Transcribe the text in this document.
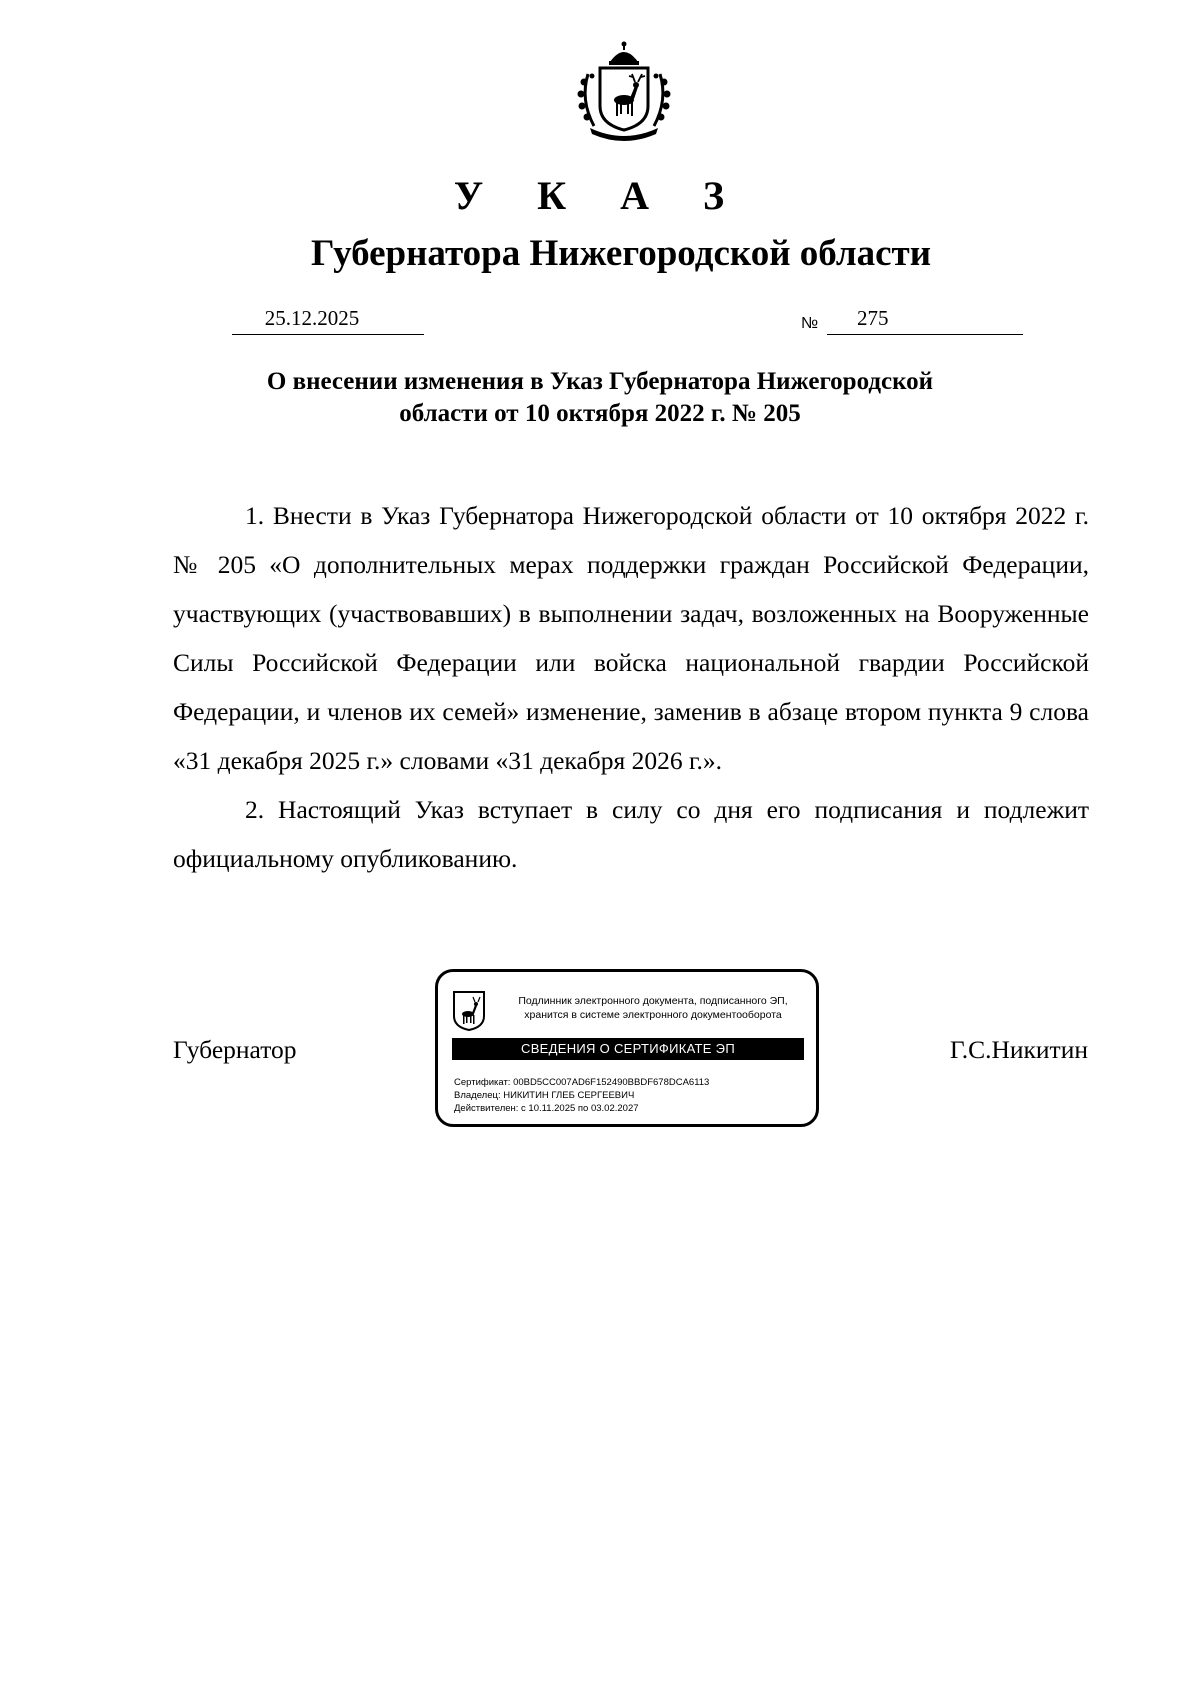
У К А З
Губернатора Нижегородской области
25.12.2025	№	275
О внесении изменения в Указ Губернатора Нижегородской
области от 10 октября 2022 г. № 205

1. Внести в Указ Губернатора Нижегородской области от 10 октября 2022 г. № 205 «О дополнительных мерах поддержки граждан Российской Федерации, участвующих (участвовавших) в выполнении задач, возложенных на Вооруженные Силы Российской Федерации или войска национальной гвардии Российской Федерации, и членов их семей» изменение, заменив в абзаце втором пункта 9 слова «31 декабря 2025 г.» словами «31 декабря 2026 г.».

2. Настоящий Указ вступает в силу со дня его подписания и подлежит официальному опубликованию.

Губернатор	Г.С.Никитин
Подлинник электронного документа, подписанного ЭП,
хранится в системе электронного документооборота
СВЕДЕНИЯ О СЕРТИФИКАТЕ ЭП
Сертификат: 00BD5CC007AD6F152490BBDF678DCA6113
Владелец: НИКИТИН ГЛЕБ СЕРГЕЕВИЧ
Действителен: с 10.11.2025 по 03.02.2027
